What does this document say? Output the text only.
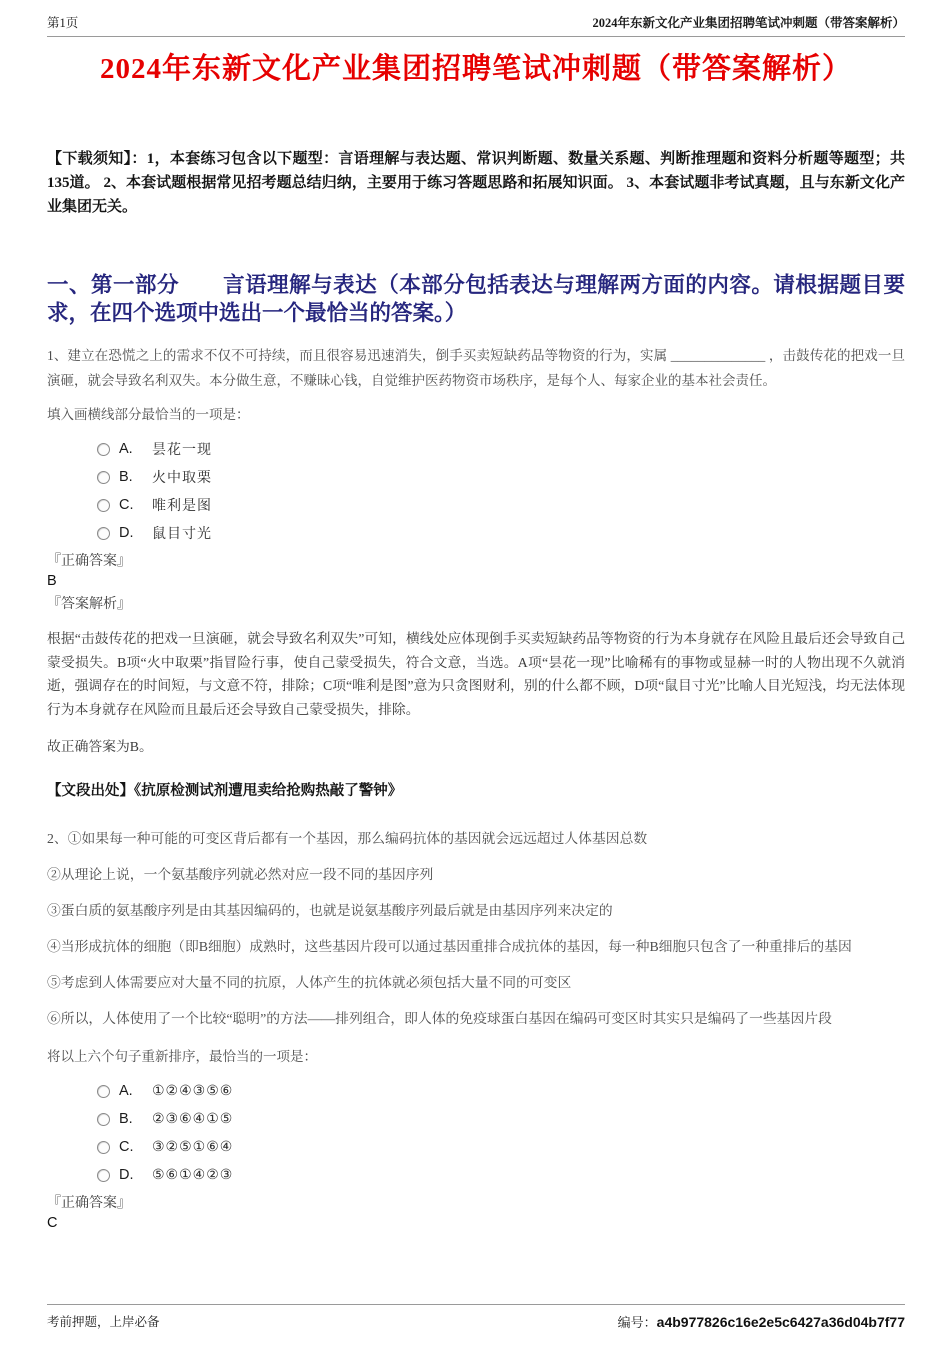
第1页	2024年东新文化产业集团招聘笔试冲刺题（带答案解析）
2024年东新文化产业集团招聘笔试冲刺题（带答案解析）

【下载须知】：1，本套练习包含以下题型：言语理解与表达题、常识判断题、数量关系题、判断推理题和资料分析题等题型；共135道。 2、本套试题根据常见招考题总结归纳，主要用于练习答题思路和拓展知识面。 3、本套试题非考试真题，且与东新文化产业集团无关。

一、第一部分　　言语理解与表达（本部分包括表达与理解两方面的内容。请根据题目要求，在四个选项中选出一个最恰当的答案。）

1、建立在恐慌之上的需求不仅不可持续，而且很容易迅速消失，倒手买卖短缺药品等物资的行为，实属 ______________ ，击鼓传花的把戏一旦演砸，就会导致名利双失。本分做生意，不赚昧心钱，自觉维护医药物资市场秩序，是每个人、每家企业的基本社会责任。

填入画横线部分最恰当的一项是：

A.	昙花一现
B.	火中取栗
C.	唯利是图
D.	鼠目寸光

『正确答案』

B

『答案解析』

根据“击鼓传花的把戏一旦演砸，就会导致名利双失”可知，横线处应体现倒手买卖短缺药品等物资的行为本身就存在风险且最后还会导致自己蒙受损失。B项“火中取栗”指冒险行事，使自己蒙受损失，符合文意，当选。A项“昙花一现”比喻稀有的事物或显赫一时的人物出现不久就消逝，强调存在的时间短，与文意不符，排除；C项“唯利是图”意为只贪图财利，别的什么都不顾，D项“鼠目寸光”比喻人目光短浅，均无法体现行为本身就存在风险而且最后还会导致自己蒙受损失，排除。

故正确答案为B。

【文段出处】《抗原检测试剂遭甩卖给抢购热敲了警钟》

2、①如果每一种可能的可变区背后都有一个基因，那么编码抗体的基因就会远远超过人体基因总数

②从理论上说，一个氨基酸序列就必然对应一段不同的基因序列

③蛋白质的氨基酸序列是由其基因编码的，也就是说氨基酸序列最后就是由基因序列来决定的

④当形成抗体的细胞（即B细胞）成熟时，这些基因片段可以通过基因重排合成抗体的基因，每一种B细胞只包含了一种重排后的基因

⑤考虑到人体需要应对大量不同的抗原，人体产生的抗体就必须包括大量不同的可变区

⑥所以，人体使用了一个比较“聪明”的方法——排列组合，即人体的免疫球蛋白基因在编码可变区时其实只是编码了一些基因片段

将以上六个句子重新排序，最恰当的一项是：

A.	①②④③⑤⑥
B.	②③⑥④①⑤
C.	③②⑤①⑥④
D.	⑤⑥①④②③

『正确答案』

C

考前押题，上岸必备	编号：a4b977826c16e2e5c6427a36d04b7f77
